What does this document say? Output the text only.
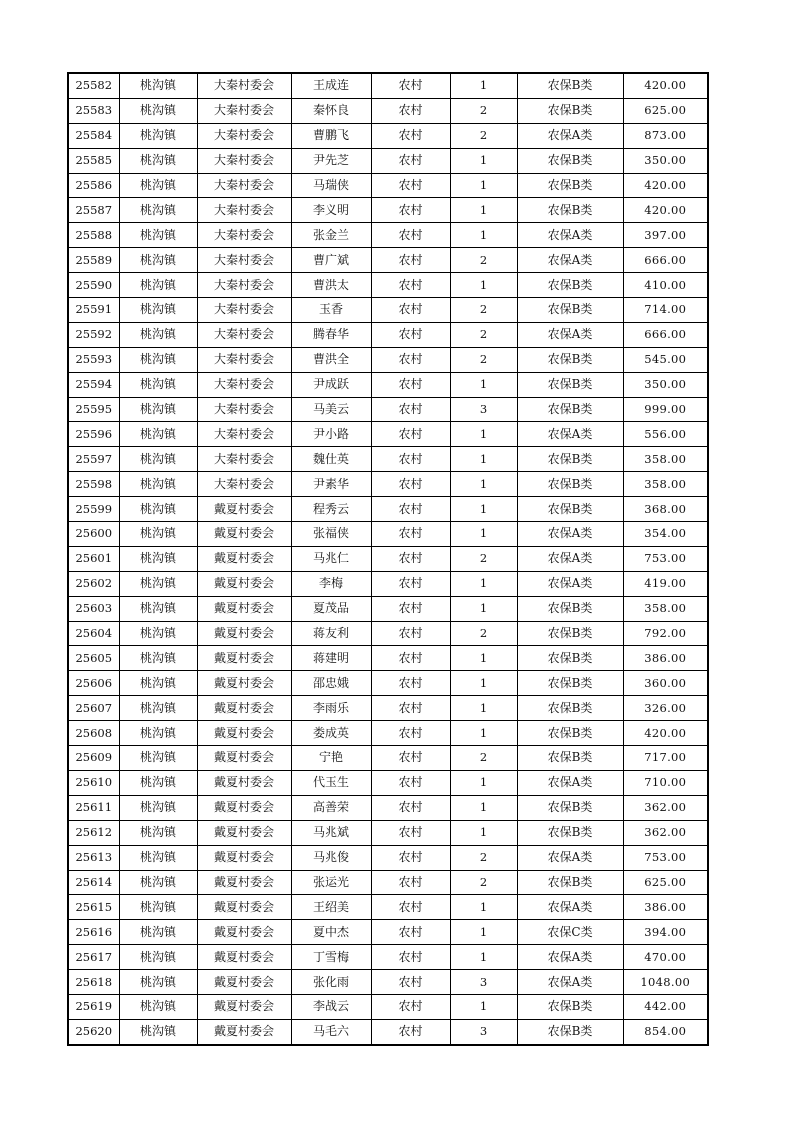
25582	桃沟镇	大秦村委会	王成连	农村	1	农保B类	420.00
25583	桃沟镇	大秦村委会	秦怀良	农村	2	农保B类	625.00
25584	桃沟镇	大秦村委会	曹鹏飞	农村	2	农保A类	873.00
25585	桃沟镇	大秦村委会	尹先芝	农村	1	农保B类	350.00
25586	桃沟镇	大秦村委会	马瑞侠	农村	1	农保B类	420.00
25587	桃沟镇	大秦村委会	李义明	农村	1	农保B类	420.00
25588	桃沟镇	大秦村委会	张金兰	农村	1	农保A类	397.00
25589	桃沟镇	大秦村委会	曹广斌	农村	2	农保A类	666.00
25590	桃沟镇	大秦村委会	曹洪太	农村	1	农保B类	410.00
25591	桃沟镇	大秦村委会	玉香	农村	2	农保B类	714.00
25592	桃沟镇	大秦村委会	腾春华	农村	2	农保A类	666.00
25593	桃沟镇	大秦村委会	曹洪全	农村	2	农保B类	545.00
25594	桃沟镇	大秦村委会	尹成跃	农村	1	农保B类	350.00
25595	桃沟镇	大秦村委会	马美云	农村	3	农保B类	999.00
25596	桃沟镇	大秦村委会	尹小路	农村	1	农保A类	556.00
25597	桃沟镇	大秦村委会	魏仕英	农村	1	农保B类	358.00
25598	桃沟镇	大秦村委会	尹素华	农村	1	农保B类	358.00
25599	桃沟镇	戴夏村委会	程秀云	农村	1	农保B类	368.00
25600	桃沟镇	戴夏村委会	张福侠	农村	1	农保A类	354.00
25601	桃沟镇	戴夏村委会	马兆仁	农村	2	农保A类	753.00
25602	桃沟镇	戴夏村委会	李梅	农村	1	农保A类	419.00
25603	桃沟镇	戴夏村委会	夏茂品	农村	1	农保B类	358.00
25604	桃沟镇	戴夏村委会	蒋友利	农村	2	农保B类	792.00
25605	桃沟镇	戴夏村委会	蒋建明	农村	1	农保B类	386.00
25606	桃沟镇	戴夏村委会	邵忠娥	农村	1	农保B类	360.00
25607	桃沟镇	戴夏村委会	李雨乐	农村	1	农保B类	326.00
25608	桃沟镇	戴夏村委会	娄成英	农村	1	农保B类	420.00
25609	桃沟镇	戴夏村委会	宁艳	农村	2	农保B类	717.00
25610	桃沟镇	戴夏村委会	代玉生	农村	1	农保A类	710.00
25611	桃沟镇	戴夏村委会	高善荣	农村	1	农保B类	362.00
25612	桃沟镇	戴夏村委会	马兆斌	农村	1	农保B类	362.00
25613	桃沟镇	戴夏村委会	马兆俊	农村	2	农保A类	753.00
25614	桃沟镇	戴夏村委会	张运光	农村	2	农保B类	625.00
25615	桃沟镇	戴夏村委会	王绍美	农村	1	农保A类	386.00
25616	桃沟镇	戴夏村委会	夏中杰	农村	1	农保C类	394.00
25617	桃沟镇	戴夏村委会	丁雪梅	农村	1	农保A类	470.00
25618	桃沟镇	戴夏村委会	张化雨	农村	3	农保A类	1048.00
25619	桃沟镇	戴夏村委会	李战云	农村	1	农保B类	442.00
25620	桃沟镇	戴夏村委会	马毛六	农村	3	农保B类	854.00
